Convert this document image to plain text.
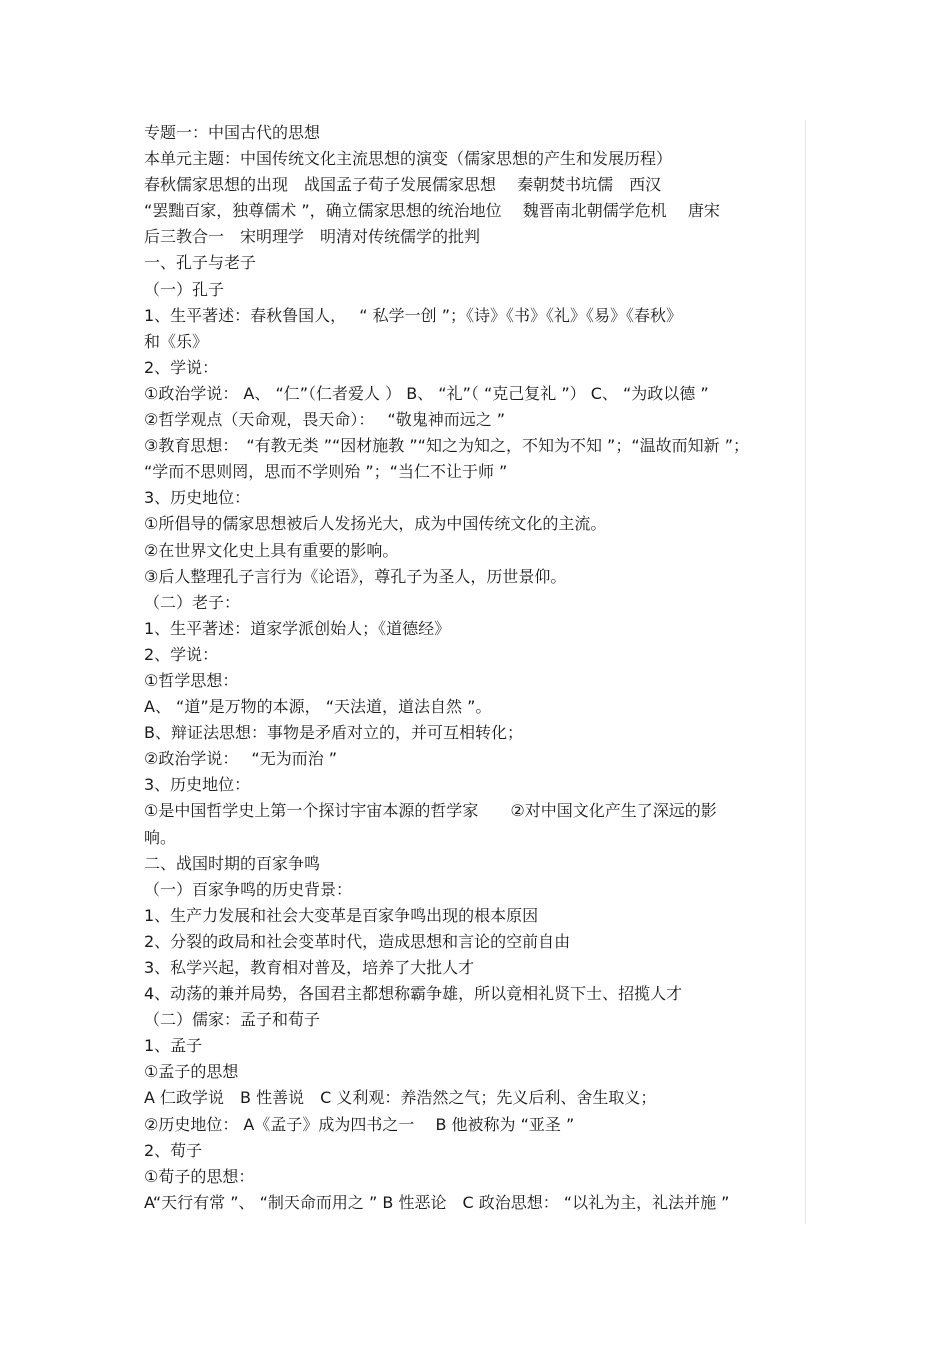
专题一：中国古代的思想
本单元主题：中国传统文化主流思想的演变（儒家思想的产生和发展历程）
春秋儒家思想的出现　战国孟子荀子发展儒家思想　 秦朝焚书坑儒　西汉
“罢黜百家，独尊儒术 ”，确立儒家思想的统治地位　 魏晋南北朝儒学危机　 唐宋
后三教合一　宋明理学　明清对传统儒学的批判
一、孔子与老子
（一）孔子
1、生平著述：春秋鲁国人，　 “ 私学一创 ”；《诗》《书》《礼》《易》《春秋》
和《乐》
2、学说：
①政治学说： A、 “仁”（仁者爱人 ） B、 “礼”（ “克己复礼 ”） C、 “为政以德 ”
②哲学观点（天命观，畏天命）：　 “敬鬼神而远之 ”
③教育思想：　“有教无类 ”“因材施教 ”“知之为知之，不知为不知 ”；“温故而知新 ”；
“学而不思则罔，思而不学则殆 ”；“当仁不让于师 ”
3、历史地位：
①所倡导的儒家思想被后人发扬光大，成为中国传统文化的主流。
②在世界文化史上具有重要的影响。
③后人整理孔子言行为《论语》，尊孔子为圣人，历世景仰。
（二）老子：
1、生平著述：道家学派创始人；《道德经》
2、学说：
①哲学思想：
A、 “道”是万物的本源， “天法道，道法自然 ”。
B、辩证法思想：事物是矛盾对立的，并可互相转化；
②政治学说：　 “无为而治 ”
3、历史地位：
①是中国哲学史上第一个探讨宇宙本源的哲学家　　②对中国文化产生了深远的影
响。
二、战国时期的百家争鸣
（一）百家争鸣的历史背景：
1、生产力发展和社会大变革是百家争鸣出现的根本原因
2、分裂的政局和社会变革时代，造成思想和言论的空前自由
3、私学兴起，教育相对普及，培养了大批人才
4、动荡的兼并局势，各国君主都想称霸争雄，所以竟相礼贤下士、招揽人才
（二）儒家：孟子和荀子
1、孟子
①孟子的思想
A 仁政学说　B 性善说　C 义利观：养浩然之气；先义后利、舍生取义；
②历史地位： A《孟子》成为四书之一　 B 他被称为 “亚圣 ”
2、荀子
①荀子的思想：
A“天行有常 ”、 “制天命而用之 ” B 性恶论　C 政治思想： “以礼为主，礼法并施 ”
